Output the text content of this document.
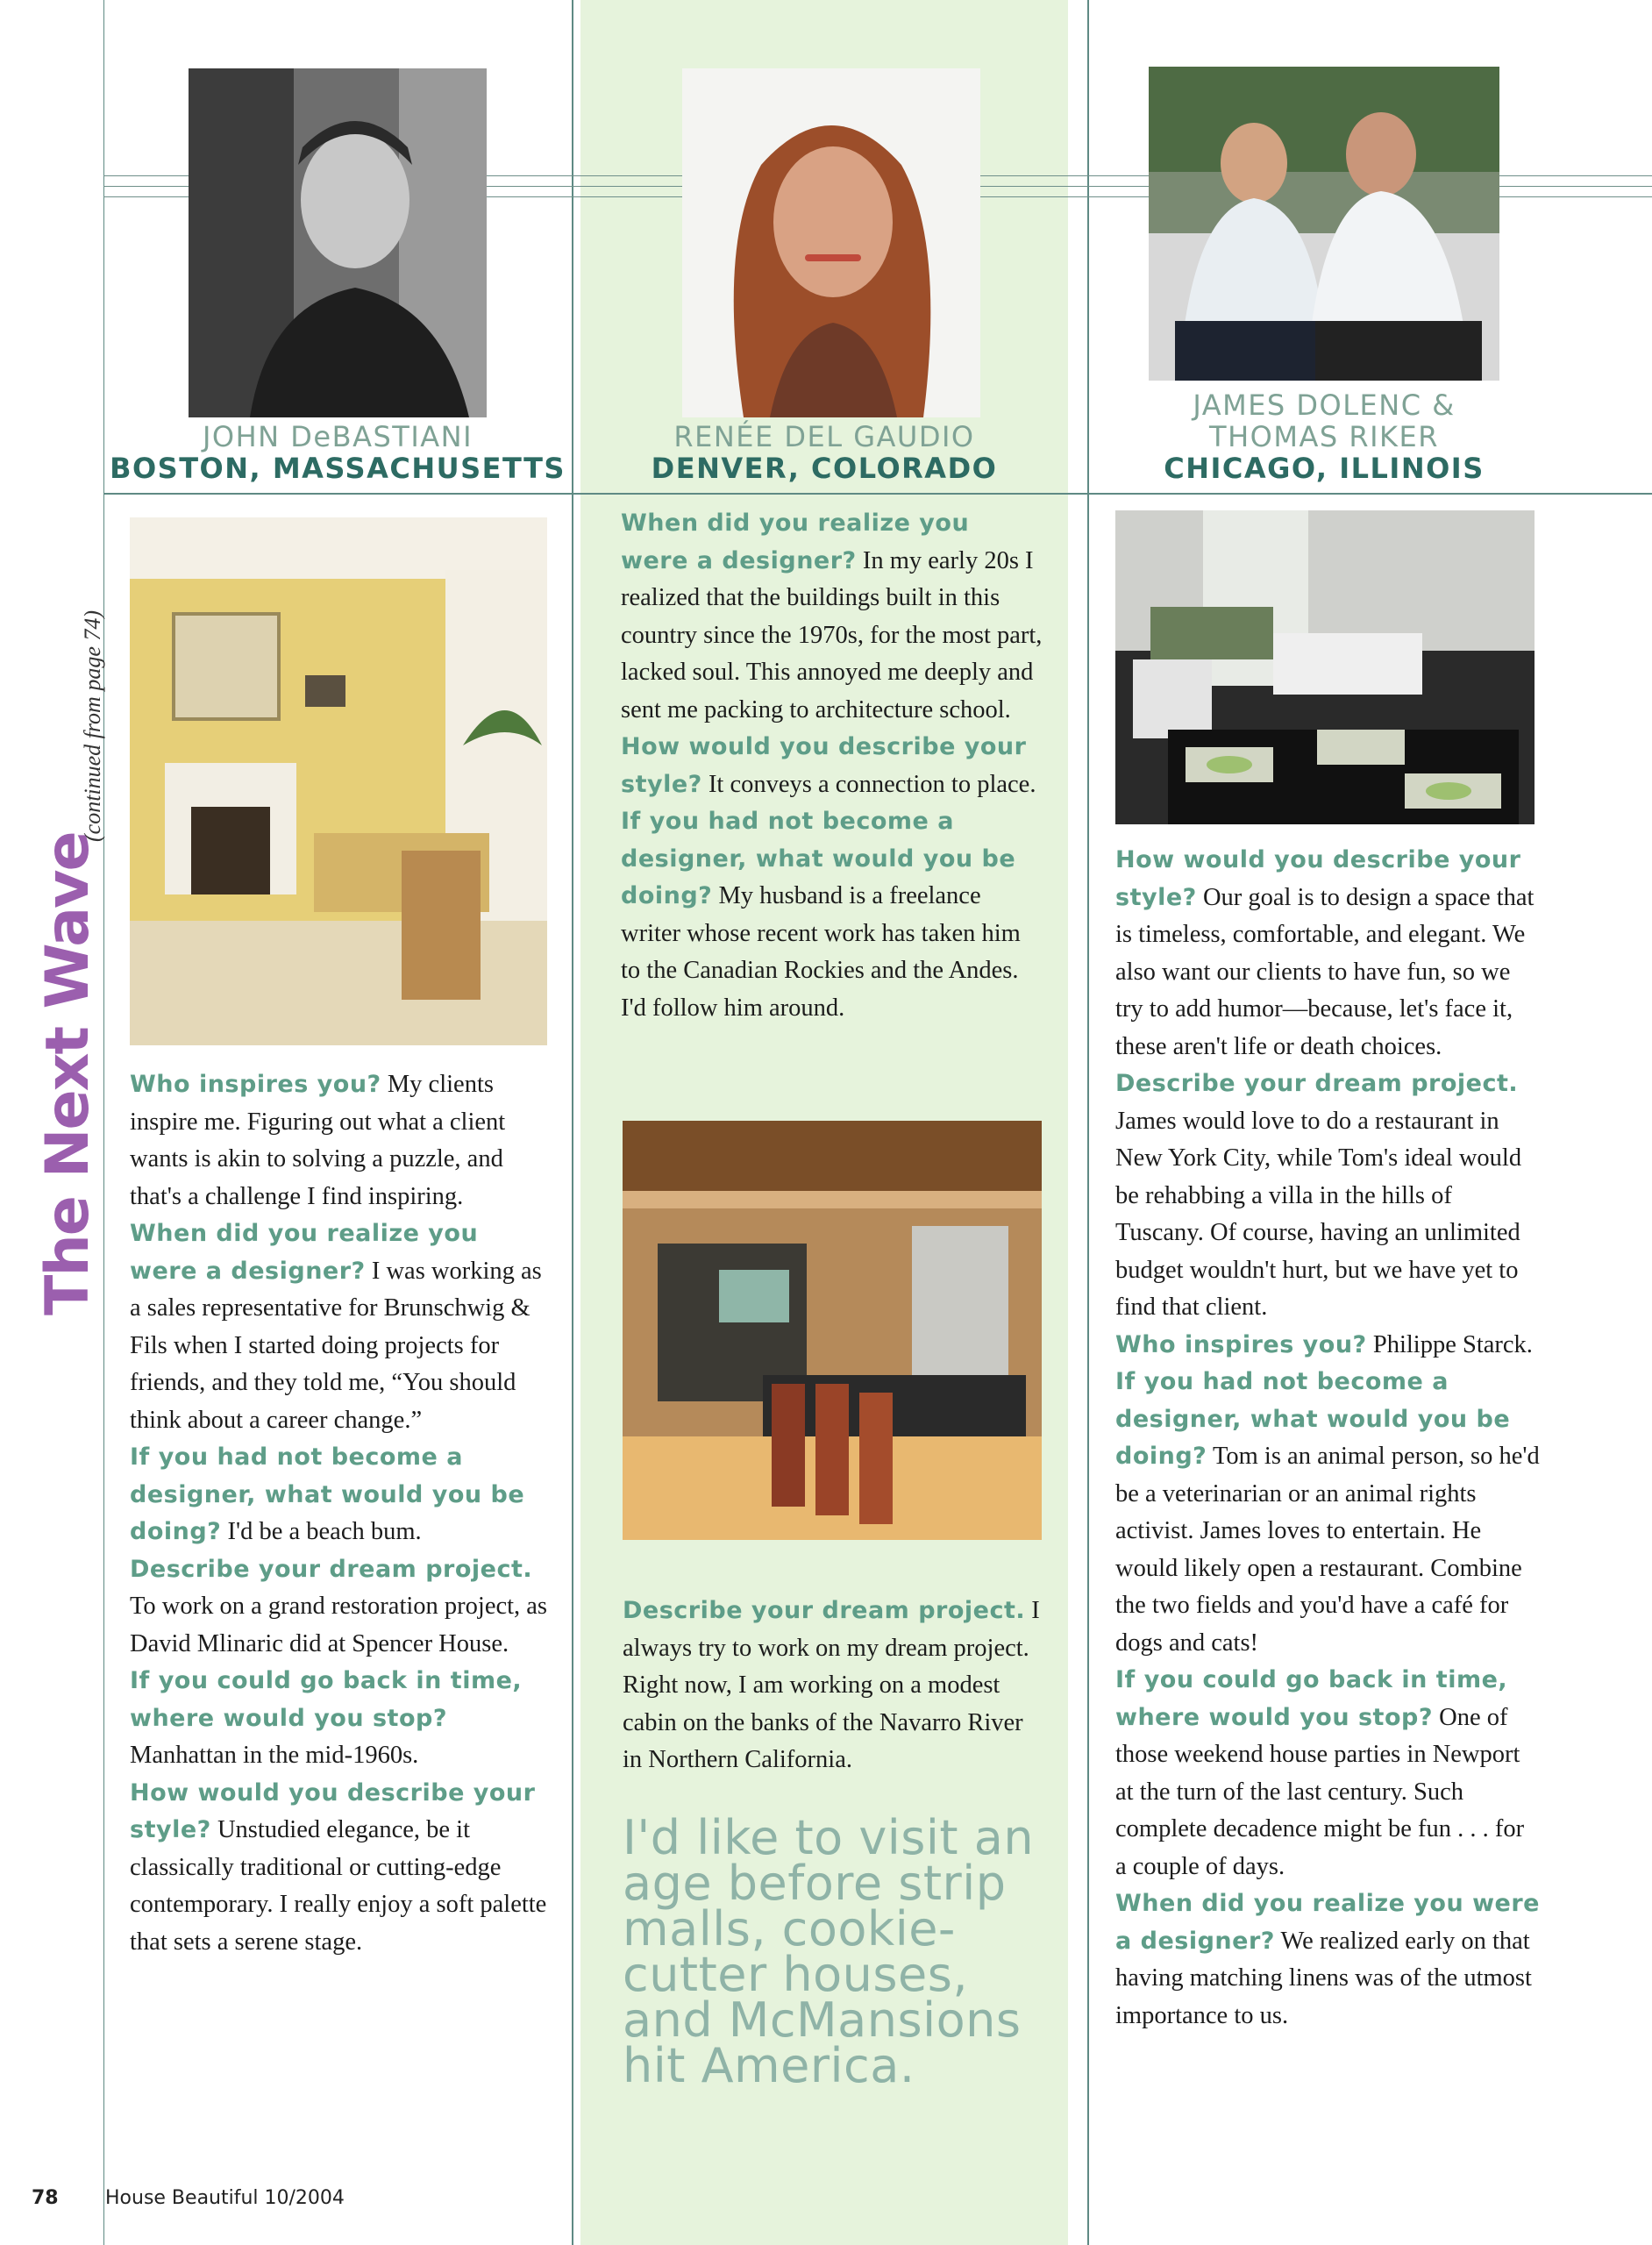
JOHN DeBASTIANI
BOSTON, MASSACHUSETTS
RENÉE DEL GAUDIO
DENVER, COLORADO
JAMES DOLENC &
THOMAS RIKER
CHICAGO, ILLINOIS
The Next Wave
(continued from page 74)

Who inspires you? My clients inspire me. Figuring out what a client wants is akin to solving a puzzle, and that's a challenge I find inspiring.

When did you realize you were a designer? I was working as a sales representative for Brunschwig & Fils when I started doing projects for friends, and they told me, “You should think about a career change.”

If you had not become a designer, what would you be doing? I'd be a beach bum.

Describe your dream project. To work on a grand restoration project, as David Mlinaric did at Spencer House.

If you could go back in time, where would you stop? Manhattan in the mid-1960s.

How would you describe your style? Unstudied elegance, be it classically traditional or cutting-edge contemporary. I really enjoy a soft palette that sets a serene stage.

When did you realize you were a designer? In my early 20s I realized that the buildings built in this country since the 1970s, for the most part, lacked soul. This annoyed me deeply and sent me packing to architecture school.

How would you describe your style? It conveys a connection to place.

If you had not become a designer, what would you be doing? My husband is a freelance writer whose recent work has taken him to the Canadian Rockies and the Andes. I'd follow him around.

Describe your dream project. I always try to work on my dream project. Right now, I am working on a modest cabin on the banks of the Navarro River in Northern California.

I'd like to visit an age before strip malls, cookie-cutter houses, and McMansions hit America.

How would you describe your style? Our goal is to design a space that is timeless, comfortable, and elegant. We also want our clients to have fun, so we try to add humor—because, let's face it, these aren't life or death choices.

Describe your dream project. James would love to do a restaurant in New York City, while Tom's ideal would be rehabbing a villa in the hills of Tuscany. Of course, having an unlimited budget wouldn't hurt, but we have yet to find that client.

Who inspires you? Philippe Starck.

If you had not become a designer, what would you be doing? Tom is an animal person, so he'd be a veterinarian or an animal rights activist. James loves to entertain. He would likely open a restaurant. Combine the two fields and you'd have a café for dogs and cats!

If you could go back in time, where would you stop? One of those weekend house parties in Newport at the turn of the last century. Such complete decadence might be fun . . . for a couple of days.

When did you realize you were a designer? We realized early on that having matching linens was of the utmost importance to us.

78 House Beautiful 10/2004
